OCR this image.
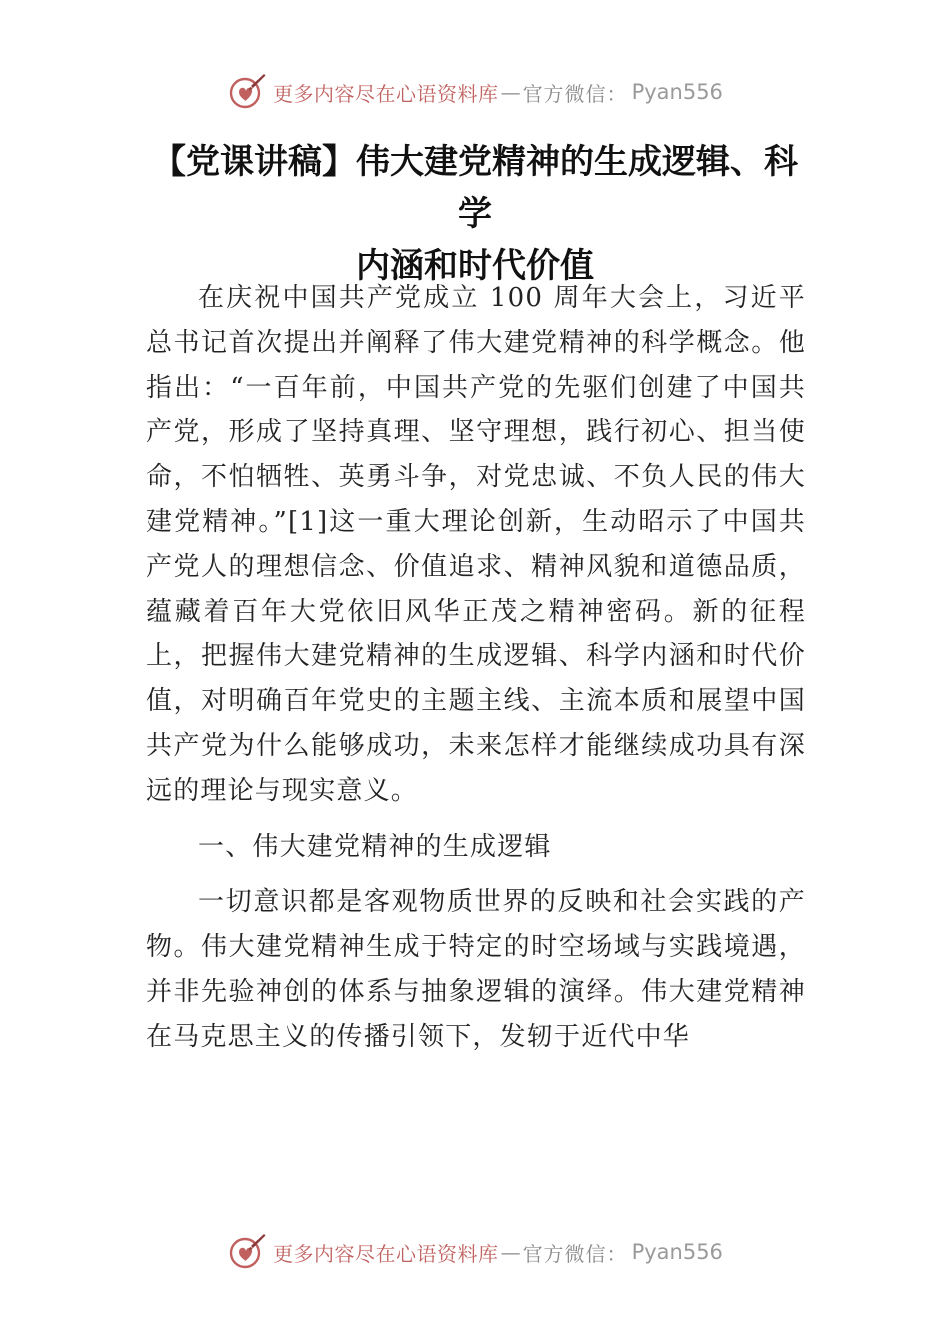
更多内容尽在心语资料库 — 官方微信： Pyan556
【党课讲稿】伟大建党精神的生成逻辑、科学
内涵和时代价值

在庆祝中国共产党成立 100 周年大会上，习近平总书记首次提出并阐释了伟大建党精神的科学概念。他指出：“一百年前，中国共产党的先驱们创建了中国共产党，形成了坚持真理、坚守理想，践行初心、担当使命，不怕牺牲、英勇斗争，对党忠诚、不负人民的伟大建党精神。”[1]这一重大理论创新，生动昭示了中国共产党人的理想信念、价值追求、精神风貌和道德品质，蕴藏着百年大党依旧风华正茂之精神密码。新的征程上，把握伟大建党精神的生成逻辑、科学内涵和时代价值，对明确百年党史的主题主线、主流本质和展望中国共产党为什么能够成功，未来怎样才能继续成功具有深远的理论与现实意义。

一、伟大建党精神的生成逻辑

一切意识都是客观物质世界的反映和社会实践的产物。伟大建党精神生成于特定的时空场域与实践境遇，并非先验神创的体系与抽象逻辑的演绎。伟大建党精神在马克思主义的传播引领下，发轫于近代中华

更多内容尽在心语资料库 — 官方微信： Pyan556
